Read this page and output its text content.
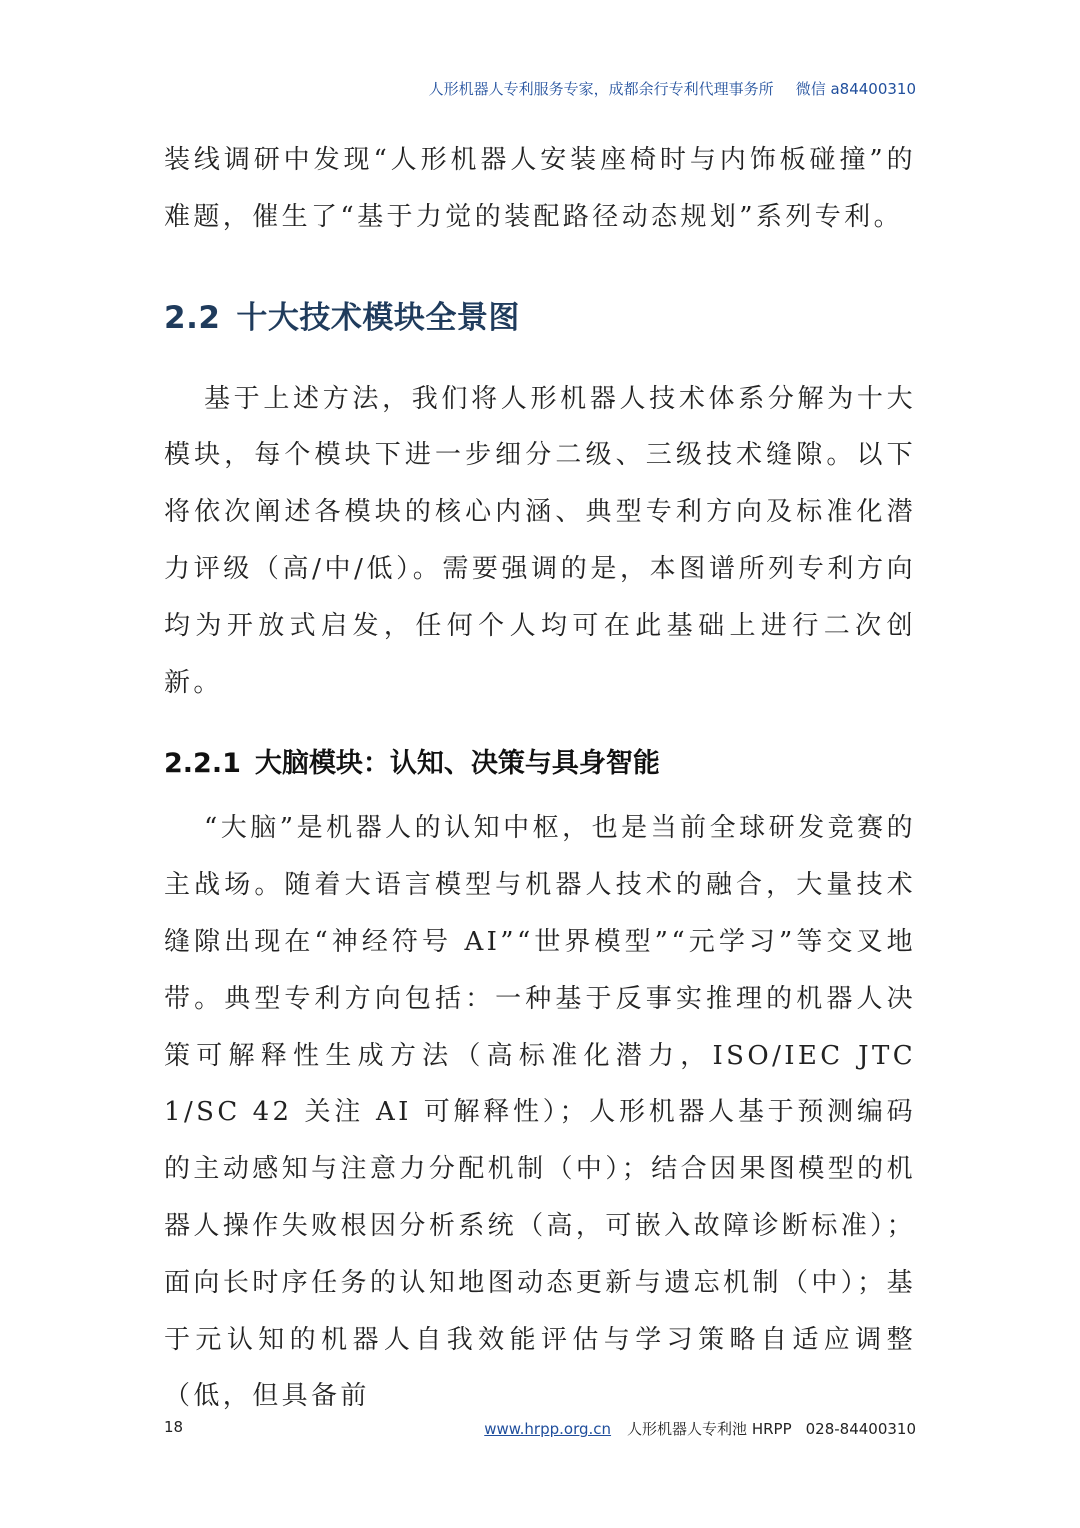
人形机器人专利服务专家，成都余行专利代理事务所 微信 a84400310

装线调研中发现“人形机器人安装座椅时与内饰板碰撞”的难题，催生了“基于力觉的装配路径动态规划”系列专利。

2.2 十大技术模块全景图

基于上述方法，我们将人形机器人技术体系分解为十大模块，每个模块下进一步细分二级、三级技术缝隙。以下将依次阐述各模块的核心内涵、典型专利方向及标准化潜力评级（高/中/低）。需要强调的是，本图谱所列专利方向均为开放式启发，任何个人均可在此基础上进行二次创新。

2.2.1 大脑模块：认知、决策与具身智能

“大脑”是机器人的认知中枢，也是当前全球研发竞赛的主战场。随着大语言模型与机器人技术的融合，大量技术缝隙出现在“神经符号 AI”“世界模型”“元学习”等交叉地带。典型专利方向包括：一种基于反事实推理的机器人决策可解释性生成方法（高标准化潜力，ISO/IEC JTC 1/SC 42 关注 AI 可解释性）；人形机器人基于预测编码的主动感知与注意力分配机制（中）；结合因果图模型的机器人操作失败根因分析系统（高，可嵌入故障诊断标准）；面向长时序任务的认知地图动态更新与遗忘机制（中）；基于元认知的机器人自我效能评估与学习策略自适应调整（低，但具备前

18	www.hrpp.org.cn 人形机器人专利池 HRPP 028-84400310
